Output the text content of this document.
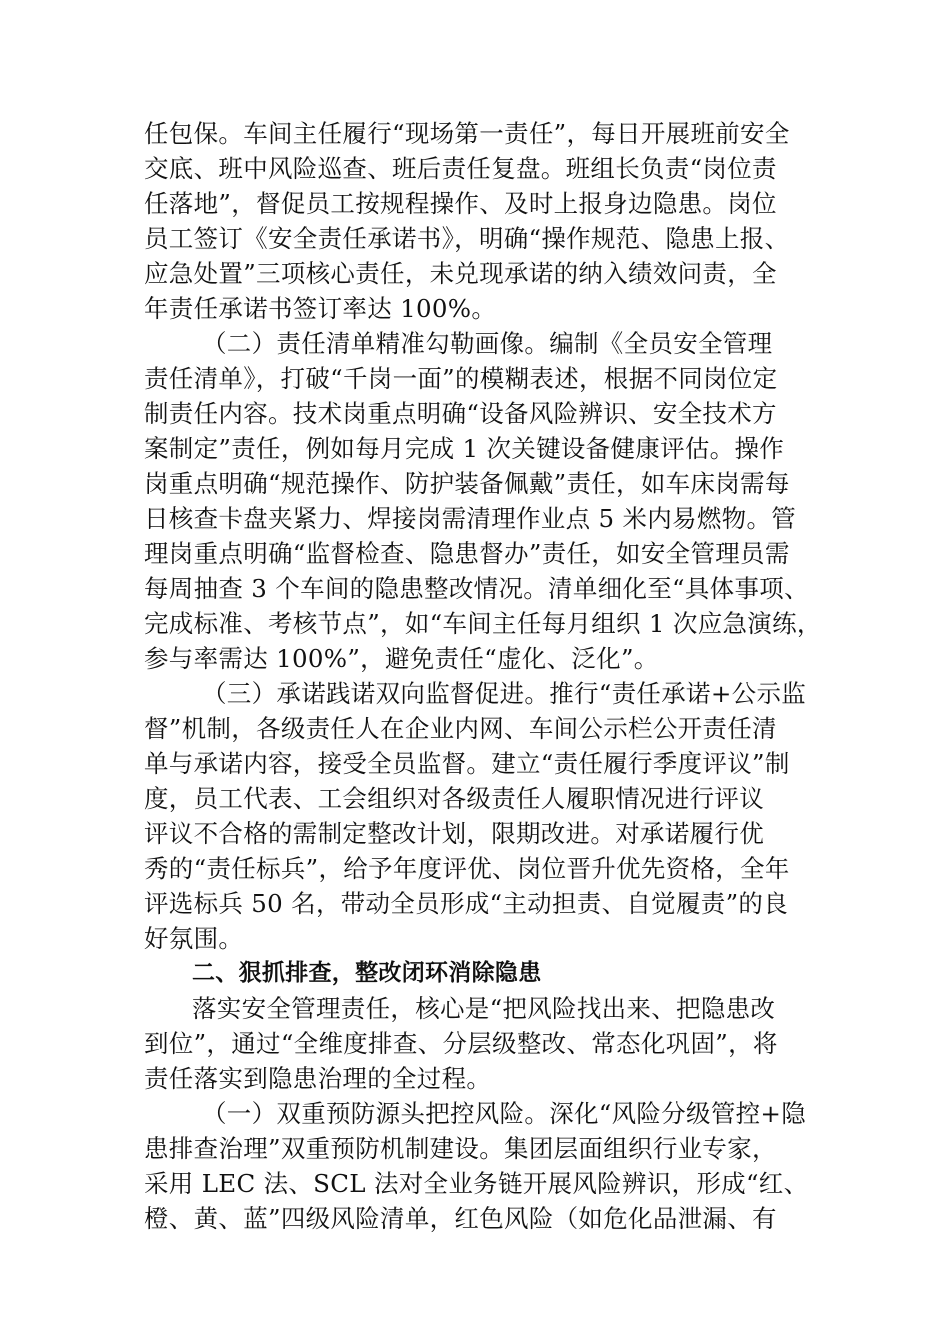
任包保。车间主任履行“现场第一责任”，每日开展班前安全
交底、班中风险巡查、班后责任复盘。班组长负责“岗位责
任落地”，督促员工按规程操作、及时上报身边隐患。岗位
员工签订《安全责任承诺书》，明确“操作规范、隐患上报、
应急处置”三项核心责任，未兑现承诺的纳入绩效问责，全
年责任承诺书签订率达 100%。
（二）责任清单精准勾勒画像。编制《全员安全管理
责任清单》，打破“千岗一面”的模糊表述，根据不同岗位定
制责任内容。技术岗重点明确“设备风险辨识、安全技术方
案制定”责任，例如每月完成 1 次关键设备健康评估。操作
岗重点明确“规范操作、防护装备佩戴”责任，如车床岗需每
日核查卡盘夹紧力、焊接岗需清理作业点 5 米内易燃物。管
理岗重点明确“监督检查、隐患督办”责任，如安全管理员需
每周抽查 3 个车间的隐患整改情况。清单细化至“具体事项、
完成标准、考核节点”，如“车间主任每月组织 1 次应急演练，
参与率需达 100%”，避免责任“虚化、泛化”。
（三）承诺践诺双向监督促进。推行“责任承诺+公示监
督”机制，各级责任人在企业内网、车间公示栏公开责任清
单与承诺内容，接受全员监督。建立“责任履行季度评议”制
度，员工代表、工会组织对各级责任人履职情况进行评议
评议不合格的需制定整改计划，限期改进。对承诺履行优
秀的“责任标兵”，给予年度评优、岗位晋升优先资格，全年
评选标兵 50 名，带动全员形成“主动担责、自觉履责”的良
好氛围。
二、狠抓排查，整改闭环消除隐患
落实安全管理责任，核心是“把风险找出来、把隐患改
到位”，通过“全维度排查、分层级整改、常态化巩固”，将
责任落实到隐患治理的全过程。
（一）双重预防源头把控风险。深化“风险分级管控+隐
患排查治理”双重预防机制建设。集团层面组织行业专家，
采用 LEC 法、SCL 法对全业务链开展风险辨识，形成“红、
橙、黄、蓝”四级风险清单，红色风险（如危化品泄漏、有
